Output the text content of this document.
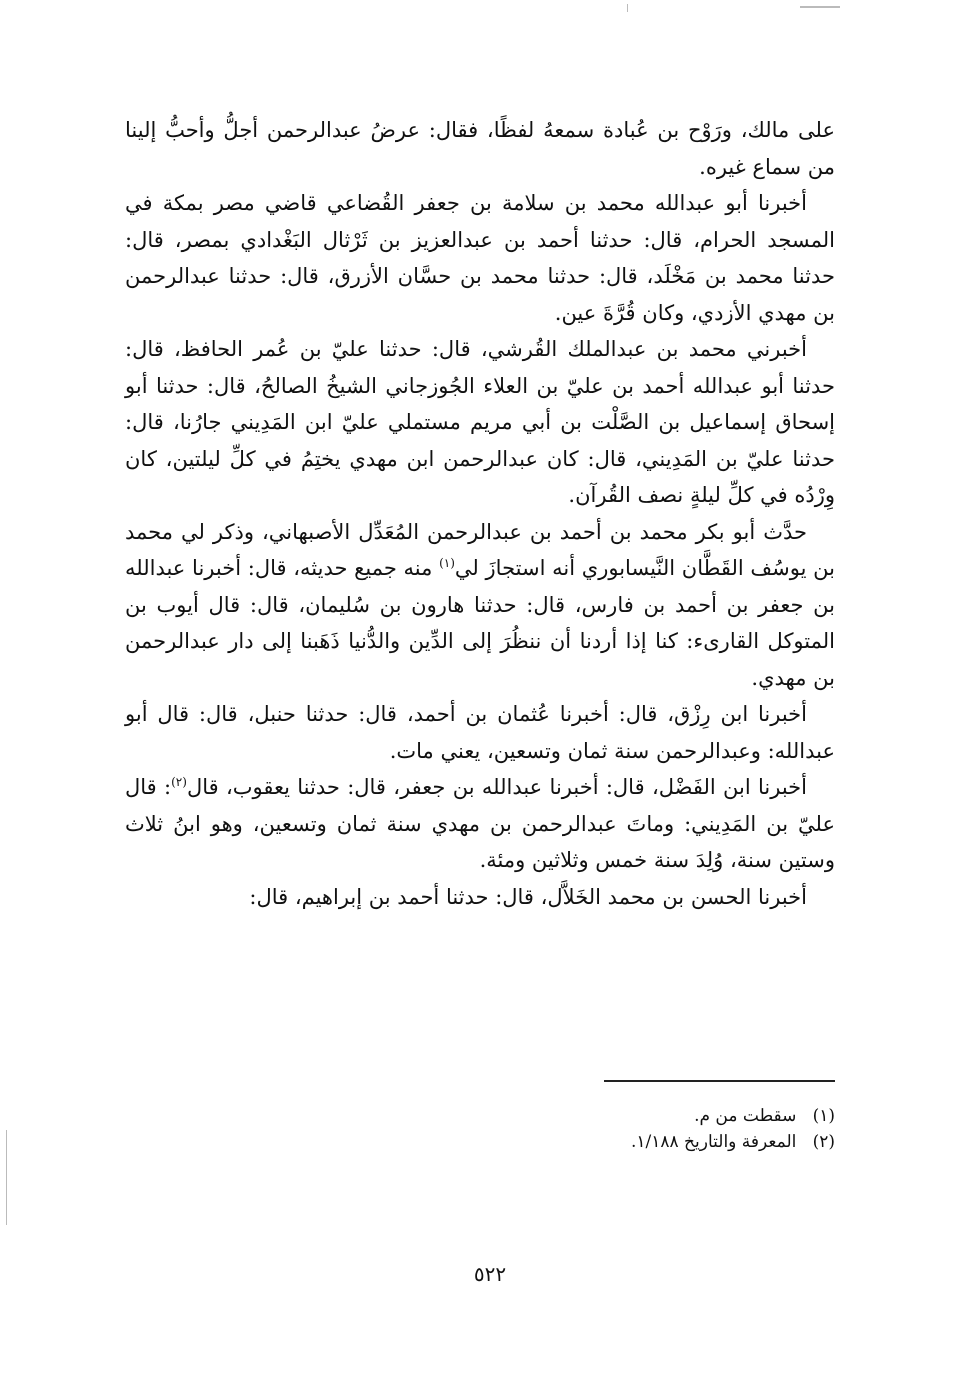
على مالك، ورَوْح بن عُبادة سمعهُ لفظًا، فقال: عرضُ عبدالرحمن أجلُّ وأحبُّ إلينا من سماع غيره.

أخبرنا أبو عبدالله محمد بن سلامة بن جعفر القُضاعي قاضي مصر بمكة في المسجد الحرام، قال: حدثنا أحمد بن عبدالعزيز بن ثَرْثال البَغْدادي بمصر، قال: حدثنا محمد بن مَخْلَد، قال: حدثنا محمد بن حسَّان الأزرق، قال: حدثنا عبدالرحمن بن مهدي الأزدي، وكان قُرَّةَ عين.

أخبرني محمد بن عبدالملك القُرشي، قال: حدثنا عليّ بن عُمر الحافظ، قال: حدثنا أبو عبدالله أحمد بن عليّ بن العلاء الجُوزجاني الشيخُ الصالحُ، قال: حدثنا أبو إسحاق إسماعيل بن الصَّلْت بن أبي مريم مستملي عليّ ابن المَدِيني جارُنا، قال: حدثنا عليّ بن المَدِيني، قال: كان عبدالرحمن ابن مهدي يختِمُ في كلِّ ليلتين، كان وِرْدُه في كلِّ ليلةٍ نصف القُرآن.

حدَّث أبو بكر محمد بن أحمد بن عبدالرحمن المُعَدِّل الأصبهاني، وذكر لي محمد بن يوسُف القَطَّان النَّيسابوري أنه استجازَ لي$^{(١)}$ منه جميع حديثه، قال: أخبرنا عبدالله بن جعفر بن أحمد بن فارس، قال: حدثنا هارون بن سُليمان، قال: قال أيوب بن المتوكل القارىء: كنا إذا أردنا أن ننظُرَ إلى الدِّين والدُّنيا ذَهَبنا إلى دار عبدالرحمن بن مهدي.

أخبرنا ابن رِزْق، قال: أخبرنا عُثمان بن أحمد، قال: حدثنا حنبل، قال: قال أبو عبدالله: وعبدالرحمن سنة ثمان وتسعين، يعني مات.

أخبرنا ابن الفَضْل، قال: أخبرنا عبدالله بن جعفر، قال: حدثنا يعقوب، قال$^{(٢)}$: قال عليّ بن المَدِيني: وماتَ عبدالرحمن بن مهدي سنة ثمان وتسعين، وهو ابنُ ثلاث وستين سنة، وُلِدَ سنة خمس وثلاثين ومئة.

أخبرنا الحسن بن محمد الخَلاَّل، قال: حدثنا أحمد بن إبراهيم، قال:

(١)   سقطت من م.
(٢)   المعرفة والتاريخ ١/١٨٨.
٥٢٢
